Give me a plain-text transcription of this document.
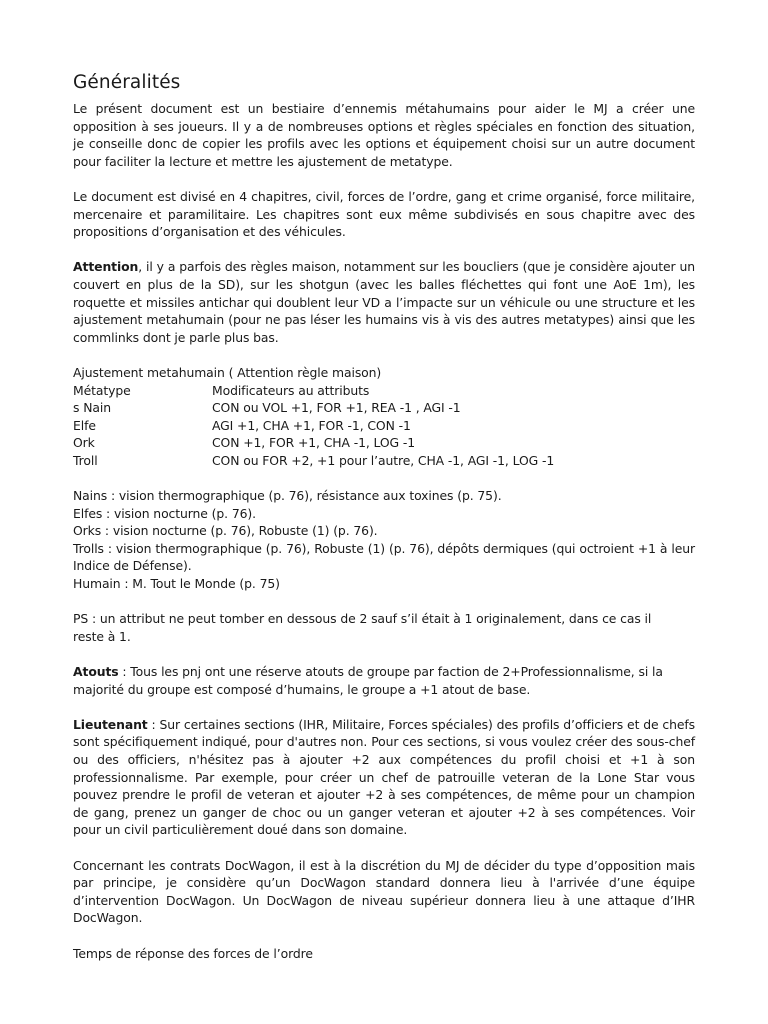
Généralités

Le présent document est un bestiaire d’ennemis métahumains pour aider le MJ a créer une opposition à ses joueurs. Il y a de nombreuses options et règles spéciales en fonction des situation, je conseille donc de copier les profils avec les options et équipement choisi sur un autre document pour faciliter la lecture et mettre les ajustement de metatype.

Le document est divisé en 4 chapitres, civil, forces de l’ordre, gang et crime organisé, force militaire, mercenaire et paramilitaire. Les chapitres sont eux même subdivisés en sous chapitre avec des propositions d’organisation et des véhicules.

Attention, il y a parfois des règles maison, notamment sur les boucliers (que je considère ajouter un couvert en plus de la SD), sur les shotgun (avec les balles fléchettes qui font une AoE 1m), les roquette et missiles antichar qui doublent leur VD a l’impacte sur un véhicule ou une structure et les ajustement metahumain (pour ne pas léser les humains vis à vis des autres metatypes) ainsi que les commlinks dont je parle plus bas.

Ajustement metahumain ( Attention règle maison)
Métatype	Modificateurs au attributs
s Nain	CON ou VOL +1, FOR +1, REA -1 , AGI -1
Elfe	AGI +1, CHA +1, FOR -1, CON -1
Ork	CON +1, FOR +1, CHA -1, LOG -1
Troll	CON ou FOR +2, +1 pour l’autre, CHA -1, AGI -1, LOG -1

Nains : vision thermographique (p. 76), résistance aux toxines (p. 75).

Elfes : vision nocturne (p. 76).

Orks : vision nocturne (p. 76), Robuste (1) (p. 76).

Trolls : vision thermographique (p. 76), Robuste (1) (p. 76), dépôts dermiques (qui octroient +1 à leur Indice de Défense).

Humain : M. Tout le Monde (p. 75)

PS : un attribut ne peut tomber en dessous de 2 sauf s’il était à 1 originalement, dans ce cas il reste à 1.

Atouts : Tous les pnj ont une réserve atouts de groupe par faction de 2+Professionnalisme, si la majorité du groupe est composé d’humains, le groupe a +1 atout de base.

Lieutenant : Sur certaines sections (IHR, Militaire, Forces spéciales) des profils d’officiers et de chefs sont spécifiquement indiqué, pour d'autres non. Pour ces sections, si vous voulez créer des sous-chef ou des officiers, n'hésitez pas à ajouter +2 aux compétences du profil choisi et +1 à son professionnalisme. Par exemple, pour créer un chef de patrouille veteran de la Lone Star vous pouvez prendre le profil de veteran et ajouter +2 à ses compétences, de même pour un champion de gang, prenez un ganger de choc ou un ganger veteran et ajouter +2 à ses compétences. Voir pour un civil particulièrement doué dans son domaine.

Concernant les contrats DocWagon, il est à la discrétion du MJ de décider du type d’opposition mais par principe, je considère qu’un DocWagon standard donnera lieu à l'arrivée d’une équipe d’intervention DocWagon. Un DocWagon de niveau supérieur donnera lieu à une attaque d’IHR DocWagon.

Temps de réponse des forces de l’ordre
